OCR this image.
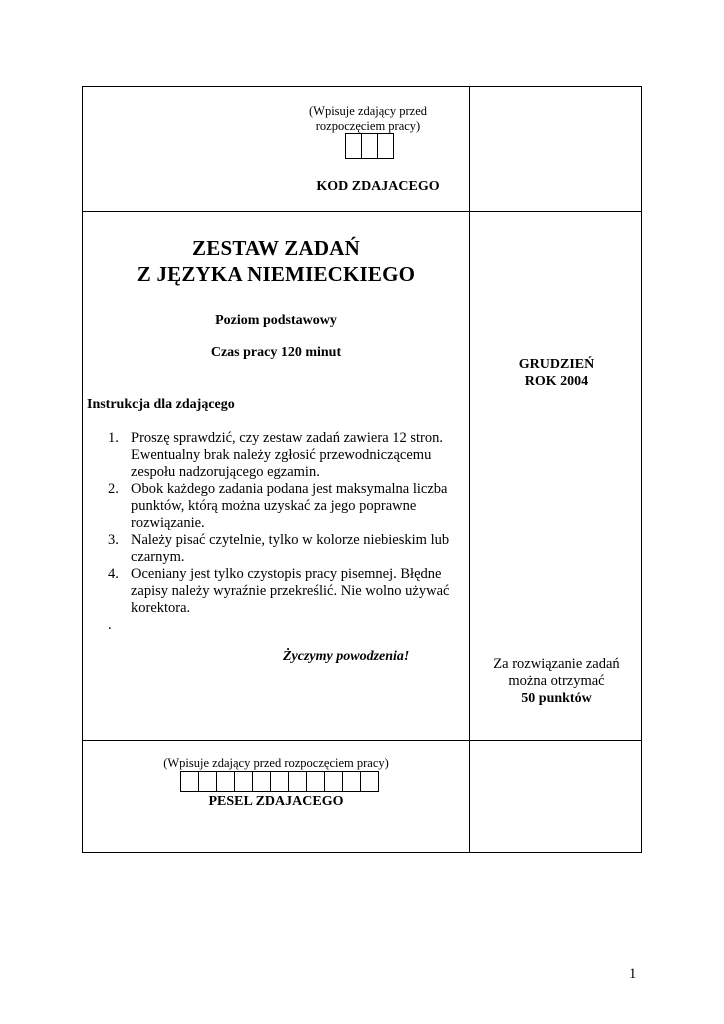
(Wpisuje zdający przed rozpoczęciem pracy)
KOD ZDAJACEGO
ZESTAW ZADAŃ
Z JĘZYKA NIEMIECKIEGO
Poziom podstawowy
Czas pracy 120 minut
Instrukcja dla zdającego
1. Proszę sprawdzić, czy zestaw zadań zawiera 12 stron. Ewentualny brak należy zgłosić przewodniczącemu zespołu nadzorującego egzamin.
2. Obok każdego zadania podana jest maksymalna liczba punktów, którą można uzyskać za jego poprawne rozwiązanie.
3. Należy pisać czytelnie, tylko w kolorze niebieskim lub czarnym.
4. Oceniany jest tylko czystopis pracy pisemnej. Błędne zapisy należy wyraźnie przekreślić. Nie wolno używać korektora.
.
Życzymy powodzenia!
GRUDZIEŃ
ROK 2004
Za rozwiązanie zadań
można otrzymać
50 punktów
(Wpisuje zdający przed rozpoczęciem pracy)
PESEL ZDAJACEGO
1
